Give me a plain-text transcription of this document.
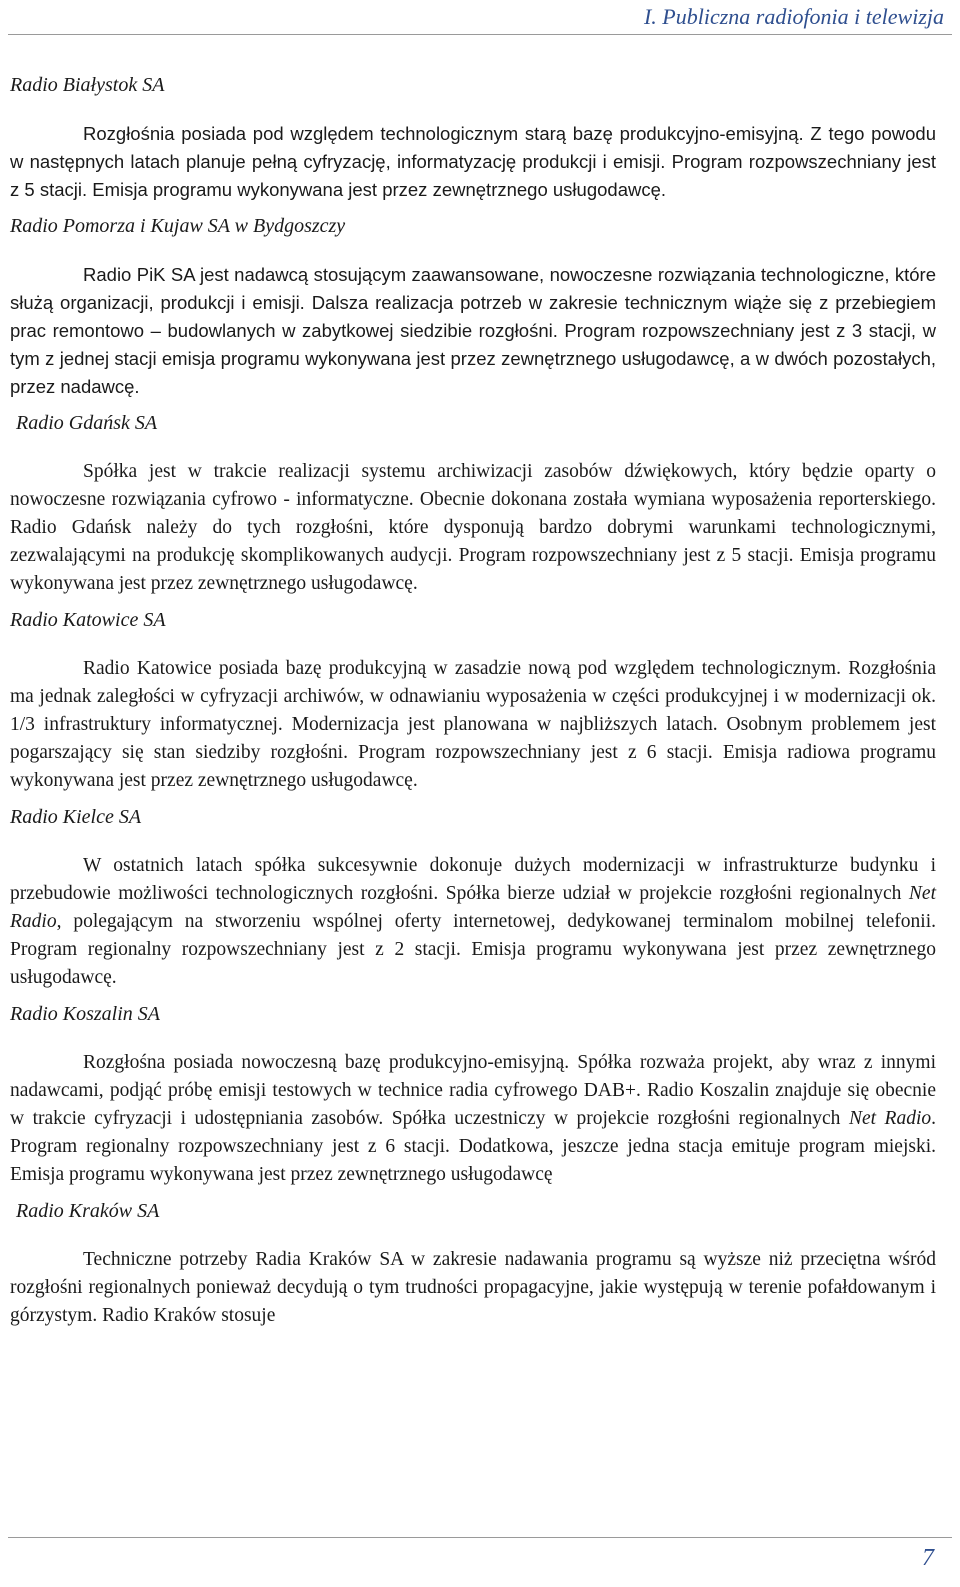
I. Publiczna radiofonia i telewizja
Radio Białystok SA

Rozgłośnia posiada pod względem technologicznym starą bazę produkcyjno-emisyjną. Z tego powodu w następnych latach planuje pełną cyfryzację, informatyzację produkcji i emisji. Program rozpowszechniany jest z 5 stacji. Emisja programu wykonywana jest przez zewnętrznego usługodawcę.

Radio Pomorza i Kujaw SA w Bydgoszczy

Radio PiK SA jest nadawcą stosującym zaawansowane, nowoczesne rozwiązania technologiczne, które służą organizacji, produkcji i emisji. Dalsza realizacja potrzeb w zakresie technicznym wiąże się z przebiegiem prac remontowo – budowlanych w zabytkowej siedzibie rozgłośni. Program rozpowszechniany jest z 3 stacji, w tym z jednej stacji emisja programu wykonywana jest przez zewnętrznego usługodawcę, a w dwóch pozostałych, przez nadawcę.

Radio Gdańsk SA

Spółka jest w trakcie realizacji systemu archiwizacji zasobów dźwiękowych, który będzie oparty o nowoczesne rozwiązania cyfrowo - informatyczne. Obecnie dokonana została wymiana wyposażenia reporterskiego. Radio Gdańsk należy do tych rozgłośni, które dysponują bardzo dobrymi warunkami technologicznymi, zezwalającymi na produkcję skomplikowanych audycji. Program rozpowszechniany jest z 5 stacji. Emisja programu wykonywana jest przez zewnętrznego usługodawcę.

Radio Katowice SA

Radio Katowice posiada bazę produkcyjną w zasadzie nową pod względem technologicznym. Rozgłośnia ma jednak zaległości w cyfryzacji archiwów, w odnawianiu wyposażenia w części produkcyjnej i w modernizacji ok. 1/3 infrastruktury informatycznej. Modernizacja jest planowana w najbliższych latach. Osobnym problemem jest pogarszający się stan siedziby rozgłośni. Program rozpowszechniany jest z 6 stacji. Emisja radiowa programu wykonywana jest przez zewnętrznego usługodawcę.

Radio Kielce SA

W ostatnich latach spółka sukcesywnie dokonuje dużych modernizacji w infrastrukturze budynku i przebudowie możliwości technologicznych rozgłośni. Spółka bierze udział w projekcie rozgłośni regionalnych Net Radio, polegającym na stworzeniu wspólnej oferty internetowej, dedykowanej terminalom mobilnej telefonii. Program regionalny rozpowszechniany jest z 2 stacji. Emisja programu wykonywana jest przez zewnętrznego usługodawcę.

Radio Koszalin SA

Rozgłośna posiada nowoczesną bazę produkcyjno-emisyjną. Spółka rozważa projekt, aby wraz z innymi nadawcami, podjąć próbę emisji testowych w technice radia cyfrowego DAB+. Radio Koszalin znajduje się obecnie w trakcie cyfryzacji i udostępniania zasobów. Spółka uczestniczy w projekcie rozgłośni regionalnych Net Radio. Program regionalny rozpowszechniany jest z 6 stacji. Dodatkowa, jeszcze jedna stacja emituje program miejski. Emisja programu wykonywana jest przez zewnętrznego usługodawcę

Radio Kraków SA

Techniczne potrzeby Radia Kraków SA w zakresie nadawania programu są wyższe niż przeciętna wśród rozgłośni regionalnych ponieważ decydują o tym trudności propagacyjne, jakie występują w terenie pofałdowanym i górzystym. Radio Kraków stosuje

7
